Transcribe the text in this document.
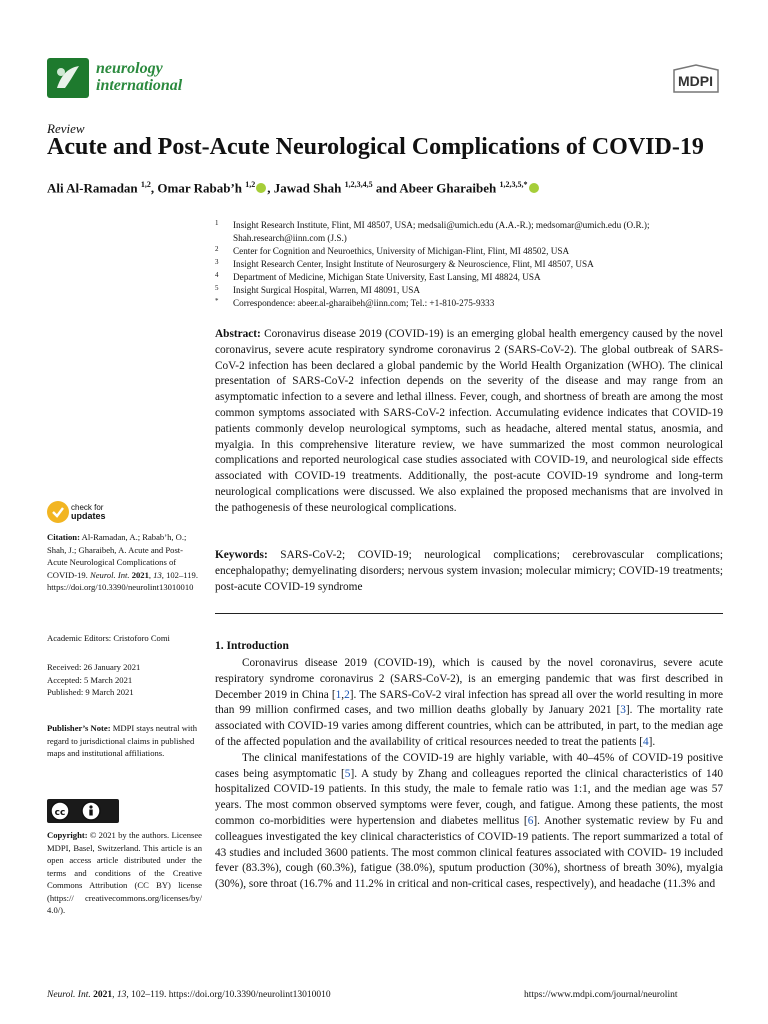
neurology
international	MDPI
Review
Acute and Post-Acute Neurological Complications of COVID-19
Ali Al-Ramadan $^{1,2}$, Omar Rabab’h $^{1,2}$ , Jawad Shah $^{1,2,3,4,5}$ and Abeer Gharaibeh $^{1,2,3,5,*}$
1 Insight Research Institute, Flint, MI 48507, USA; medsali@umich.edu (A.A.-R.); medsomar@umich.edu (O.R.); Shah.research@iinn.com (J.S.)
2 Center for Cognition and Neuroethics, University of Michigan-Flint, Flint, MI 48502, USA
3 Insight Research Center, Insight Institute of Neurosurgery & Neuroscience, Flint, MI 48507, USA
4 Department of Medicine, Michigan State University, East Lansing, MI 48824, USA
5 Insight Surgical Hospital, Warren, MI 48091, USA
* Correspondence: abeer.al-gharaibeh@iinn.com; Tel.: +1-810-275-9333
Abstract: Coronavirus disease 2019 (COVID-19) is an emerging global health emergency caused by the novel coronavirus, severe acute respiratory syndrome coronavirus 2 (SARS-CoV-2). The global outbreak of SARS-CoV-2 infection has been declared a global pandemic by the World Health Organization (WHO). The clinical presentation of SARS-CoV-2 infection depends on the severity of the disease and may range from an asymptomatic infection to a severe and lethal illness. Fever, cough, and shortness of breath are among the most common symptoms associated with SARS-CoV-2 infection. Accumulating evidence indicates that COVID-19 patients commonly develop neurological symptoms, such as headache, altered mental status, anosmia, and myalgia. In this comprehensive literature review, we have summarized the most common neurological complications and reported neurological case studies associated with COVID-19, and neurological side effects associated with COVID-19 treatments. Additionally, the post-acute COVID-19 syndrome and long-term neurological complications were discussed. We also explained the proposed mechanisms that are involved in the pathogenesis of these neurological complications.
Keywords: SARS-CoV-2; COVID-19; neurological complications; cerebrovascular complications; encephalopathy; demyelinating disorders; nervous system invasion; molecular mimicry; COVID-19 treatments; post-acute COVID-19 syndrome
1. Introduction

Coronavirus disease 2019 (COVID-19), which is caused by the novel coronavirus, severe acute respiratory syndrome coronavirus 2 (SARS-CoV-2), is an emerging pandemic that was first described in December 2019 in China [1,2]. The SARS-CoV-2 viral infection has spread all over the world resulting in more than 99 million confirmed cases, and two million deaths globally by January 2021 [3]. The mortality rate associated with COVID-19 varies among different countries, which can be attributed, in part, to the median age of the affected population and the availability of critical resources needed to treat the patients [4].

The clinical manifestations of the COVID-19 are highly variable, with 40–45% of COVID-19 positive cases being asymptomatic [5]. A study by Zhang and colleagues reported the clinical characteristics of 140 hospitalized COVID-19 patients. In this study, the male to female ratio was 1:1, and the median age was 57 years. The most common observed symptoms were fever, cough, and fatigue. Among these patients, the most common co-morbidities were hypertension and diabetes mellitus [6]. Another systematic review by Fu and colleagues investigated the key clinical characteristics of COVID-19 patients. The report summarized a total of 43 studies and included 3600 patients. The most common clinical features associated with COVID- 19 included fever (83.3%), cough (60.3%), fatigue (38.0%), sputum production (30%), shortness of breath 30%), myalgia (30%), sore throat (16.7% and 11.2% in critical and non-critical cases, respectively), and headache (11.3% and

check for
updates
Citation: Al-Ramadan, A.; Rabab’h, O.; Shah, J.; Gharaibeh, A. Acute and Post-Acute Neurological Complications of COVID-19. Neurol. Int. 2021, 13, 102–119. https://doi.org/10.3390/neurolint13010010
Academic Editors: Cristoforo Comi
Received: 26 January 2021
Accepted: 5 March 2021
Published: 9 March 2021
Publisher’s Note: MDPI stays neutral with regard to jurisdictional claims in published maps and institutional affiliations.
cc
Copyright: © 2021 by the authors. Licensee MDPI, Basel, Switzerland. This article is an open access article distributed under the terms and conditions of the Creative Commons Attribution (CC BY) license (https:// creativecommons.org/licenses/by/ 4.0/).
Neurol. Int. 2021, 13, 102–119. https://doi.org/10.3390/neurolint13010010	https://www.mdpi.com/journal/neurolint
